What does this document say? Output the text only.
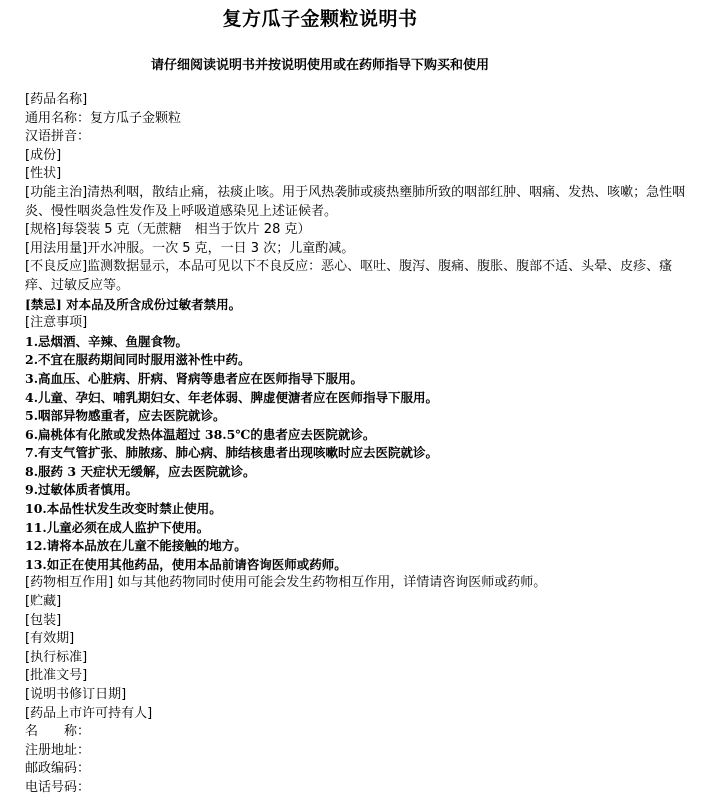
复方瓜子金颗粒说明书
请仔细阅读说明书并按说明使用或在药师指导下购买和使用
[药品名称]
通用名称：复方瓜子金颗粒
汉语拼音：
[成份]
[性状]
[功能主治]清热利咽，散结止痛，祛痰止咳。用于风热袭肺或痰热壅肺所致的咽部红肿、咽痛、发热、咳嗽；急性咽炎、慢性咽炎急性发作及上呼吸道感染见上述证候者。
[规格]每袋装 5 克（无蔗糖　相当于饮片 28 克）
[用法用量]开水冲服。一次 5 克，一日 3 次；儿童酌减。
[不良反应]监测数据显示，本品可见以下不良反应：恶心、呕吐、腹泻、腹痛、腹胀、腹部不适、头晕、皮疹、瘙痒、过敏反应等。
[禁忌] 对本品及所含成份过敏者禁用。
[注意事项]
1.忌烟酒、辛辣、鱼腥食物。
2.不宜在服药期间同时服用滋补性中药。
3.高血压、心脏病、肝病、肾病等患者应在医师指导下服用。
4.儿童、孕妇、哺乳期妇女、年老体弱、脾虚便溏者应在医师指导下服用。
5.咽部异物感重者，应去医院就诊。
6.扁桃体有化脓或发热体温超过 38.5℃的患者应去医院就诊。
7.有支气管扩张、肺脓疡、肺心病、肺结核患者出现咳嗽时应去医院就诊。
8.服药 3 天症状无缓解，应去医院就诊。
9.过敏体质者慎用。
10.本品性状发生改变时禁止使用。
11.儿童必须在成人监护下使用。
12.请将本品放在儿童不能接触的地方。
13.如正在使用其他药品，使用本品前请咨询医师或药师。
[药物相互作用] 如与其他药物同时使用可能会发生药物相互作用，详情请咨询医师或药师。
[贮藏]
[包装]
[有效期]
[执行标准]
[批准文号]
[说明书修订日期]
[药品上市许可持有人]
名　　称：
注册地址：
邮政编码：
电话号码：
